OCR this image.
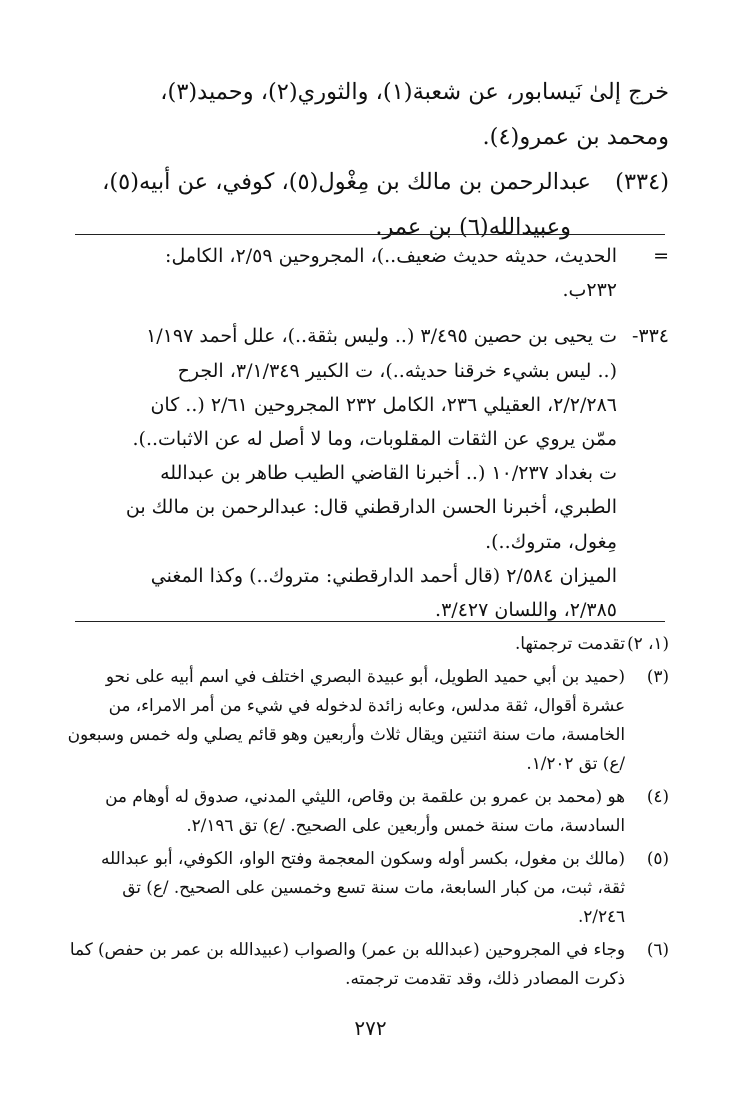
خرج إلىٰ نَيسابور، عن شعبة(١)، والثوري(٢)، وحميد(٣)،
ومحمد بن عمرو(٤).
(٣٣٤)عبدالرحمن بن مالك بن مِغْول(٥)، كوفي، عن أبيه(٥)،
وعبيدالله(٦) بن عمر.
=
الحديث، حديثه حديث ضعيف..)، المجروحين ٢/٥٩، الكامل:
٢٣٢ب.
٣٣٤-
ت يحيى بن حصين ٣/٤٩٥ (.. وليس بثقة..)، علل أحمد ١/١٩٧
(.. ليس بشيء خرقنا حديثه..)، ت الكبير ٣/١/٣٤٩، الجرح
٢/٢/٢٨٦، العقيلي ٢٣٦، الكامل ٢٣٢ المجروحين ٢/٦١ (.. كان
ممّن يروي عن الثقات المقلوبات، وما لا أصل له عن الاثبات..).
ت بغداد ١٠/٢٣٧ (.. أخبرنا القاضي الطيب طاهر بن عبدالله
الطبري، أخبرنا الحسن الدارقطني قال: عبدالرحمن بن مالك بن
مِغول، متروك..).
الميزان ٢/٥٨٤ (قال أحمد الدارقطني: متروك..) وكذا المغني
٢/٣٨٥، واللسان ٣/٤٢٧.
(١، ٢)
تقدمت ترجمتها.
(٣)
(حميد بن أبي حميد الطويل، أبو عبيدة البصري اختلف في اسم أبيه على نحو
عشرة أقوال، ثقة مدلس، وعابه زائدة لدخوله في شيء من أمر الامراء، من
الخامسة، مات سنة اثنتين ويقال ثلاث وأربعين وهو قائم يصلي وله خمس وسبعون
/ع) تق ١/٢٠٢.
(٤)
هو (محمد بن عمرو بن علقمة بن وقاص، الليثي المدني، صدوق له أوهام من
السادسة، مات سنة خمس وأربعين على الصحيح. /ع) تق ٢/١٩٦.
(٥)
(مالك بن مغول، بكسر أوله وسكون المعجمة وفتح الواو، الكوفي، أبو عبدالله
ثقة، ثبت، من كبار السابعة، مات سنة تسع وخمسين على الصحيح. /ع) تق
٢/٢٤٦.
(٦)
وجاء في المجروحين (عبدالله بن عمر) والصواب (عبيدالله بن عمر بن حفص) كما
ذكرت المصادر ذلك، وقد تقدمت ترجمته.
٢٧٢
